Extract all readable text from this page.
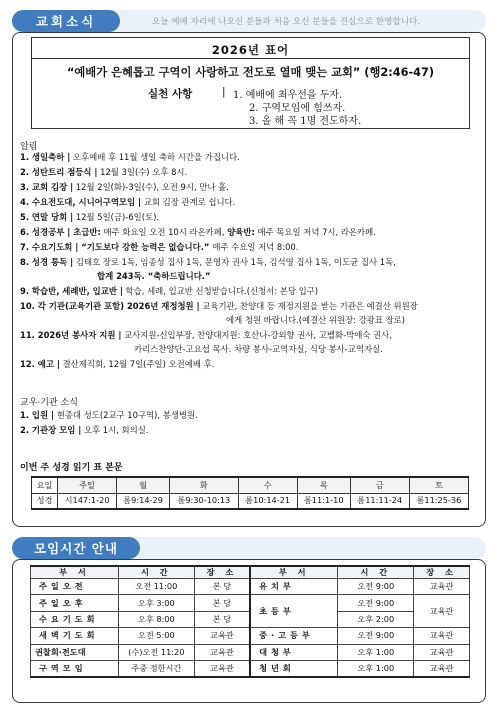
교회소식	오늘 예배 자리에 나오신 분들과 처음 오신 분들을 진심으로 환영합니다.
2026년 표어
“예배가 은혜롭고 구역이 사랑하고 전도로 열매 맺는 교회” (행2:46-47)
실천 사항	| 1. 예배에 최우선을 두자.
2. 구역모임에 힘쓰자.
3. 올 해 꼭 1명 전도하자.
알림
1. 생일축하 | 오후예배 후 11월 생일 축하 시간을 가집니다.
2. 성탄트리 점등식 | 12월 3일(수) 오후 8시.
3. 교회 김장 | 12월 2일(화)-3일(수), 오전 9시, 만나 홀.
4. 수요전도대, 시니어구역모임 | 교회 김장 관계로 쉽니다.
5. 연말 당회 | 12월 5일(금)-6일(토).
6. 성경공부 | 초급반: 매주 화요일 오전 10시 라온카페, 양육반: 매주 목요일 저녁 7시, 라온카페.
7. 수요기도회 | “기도보다 강한 능력은 없습니다.” 매주 수요일 저녁 8:00.
8. 성경 통독 | 김태호 장로 1독, 임종성 집사 1독, 문영자 권사 1독, 김석영 집사 1독, 이도균 집사 1독,
합계 243독. “축하드립니다.”
9. 학습반, 세례반, 입교반 | 학습, 세례, 입교반 신청받습니다.(신청서: 본당 입구)
10. 각 기관(교육기관 포함) 2026년 재정청원 | 교육기관, 찬양대 등 재정지원을 받는 기관은 예결산 위원장
에게 청원 바랍니다.(예결산 위원장: 강광표 장로)
11. 2026년 봉사자 지원 | 교사지원-신입부장, 찬양대지원: 호산나-강외향 권사, 고벨화-박애숙 권사,
카리스찬양단-고요섭 목사. 차량 봉사-교역자실, 식당 봉사-교역자실.
12. 예고 | 결산제직회, 12월 7일(주일) 오전예배 후.
교우·기관 소식
1. 입원 | 현종대 성도(2교구 10구역), 봉생병원.
2. 기관장 모임 | 오후 1시, 회의실.
이번 주 성경 읽기 표 본문
요일	주일	월	화	수	목	금	토
성경	시147:1-20	롬9:14-29	롬9:30-10:13	롬10:14-21	롬11:1-10	롬11:11-24	롬11:25-36
모임시간 안내
부 서	시 간	장 소	부 서	시 간	장 소
주일오전	오전 11:00	본 당	유치부	오전 9:00	교육관
주일오후	오후 3:00	본 당	초등부	오전 9:00	교육관
수요기도회	오후 8:00	본 당		오후 2:00	
새벽기도회	오전 5:00	교육관	중·고등부	오전 9:00	교육관
권찰회·전도대	(수)오전 11:20	교육관	대청부	오후 1:00	교육관
구역모임	주중 정한시간	교육관	청년회	오후 1:00	교육관
